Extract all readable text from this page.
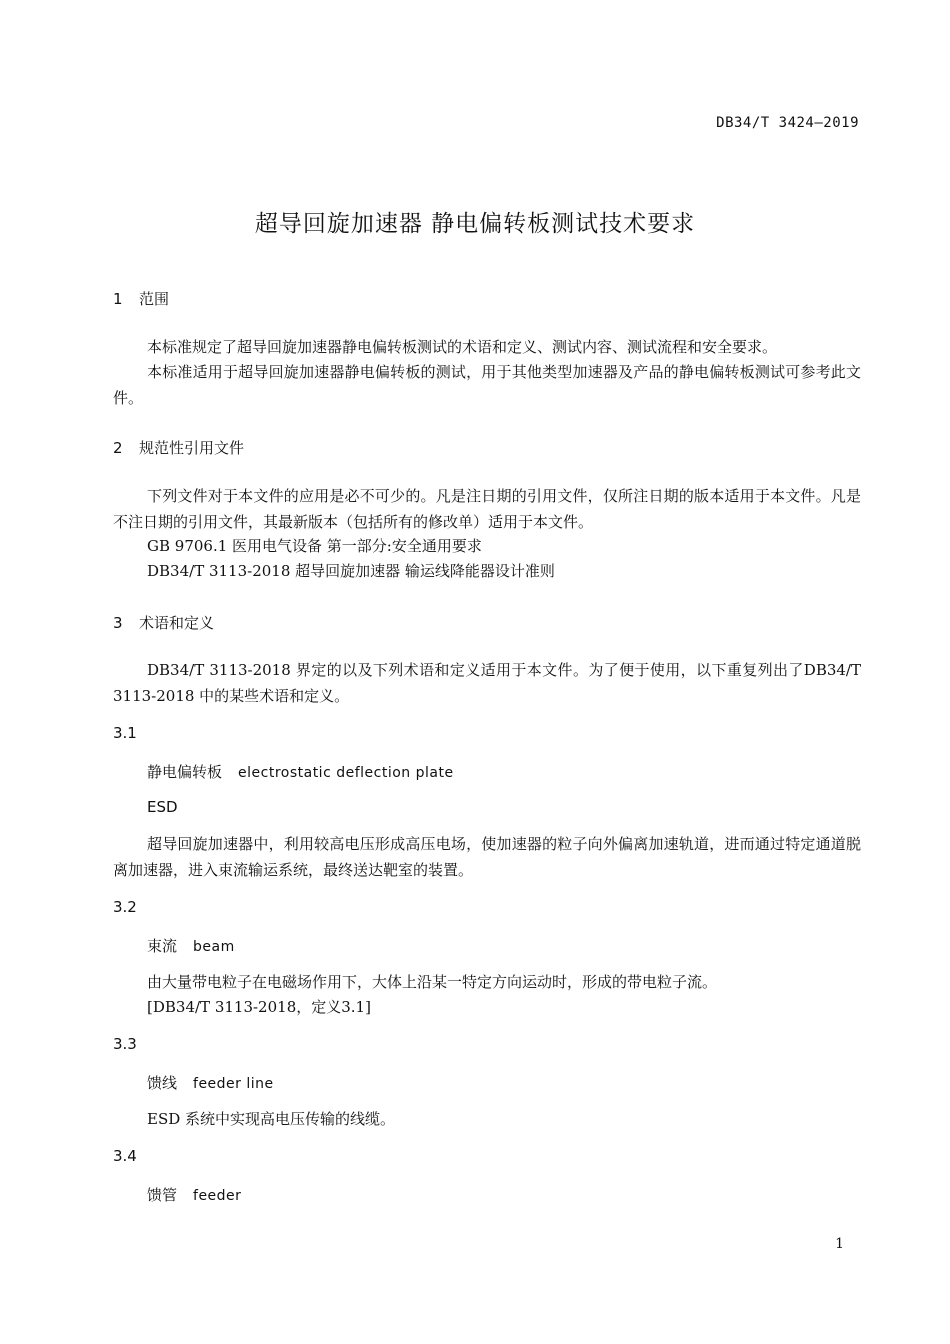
DB34/T 3424—2019
超导回旋加速器 静电偏转板测试技术要求
1 范围
本标准规定了超导回旋加速器静电偏转板测试的术语和定义、测试内容、测试流程和安全要求。
本标准适用于超导回旋加速器静电偏转板的测试，用于其他类型加速器及产品的静电偏转板测试可参考此文件。
2 规范性引用文件
下列文件对于本文件的应用是必不可少的。凡是注日期的引用文件，仅所注日期的版本适用于本文件。凡是不注日期的引用文件，其最新版本（包括所有的修改单）适用于本文件。
GB 9706.1 医用电气设备 第一部分:安全通用要求
DB34/T 3113-2018 超导回旋加速器 输运线降能器设计准则
3 术语和定义
DB34/T 3113-2018 界定的以及下列术语和定义适用于本文件。为了便于使用，以下重复列出了DB34/T 3113-2018 中的某些术语和定义。
3.1
静电偏转板 electrostatic deflection plate
ESD
超导回旋加速器中，利用较高电压形成高压电场，使加速器的粒子向外偏离加速轨道，进而通过特定通道脱离加速器，进入束流输运系统，最终送达靶室的装置。
3.2
束流 beam
由大量带电粒子在电磁场作用下，大体上沿某一特定方向运动时，形成的带电粒子流。
[DB34/T 3113-2018，定义3.1]
3.3
馈线 feeder line
ESD 系统中实现高电压传输的线缆。
3.4
馈管 feeder
1
